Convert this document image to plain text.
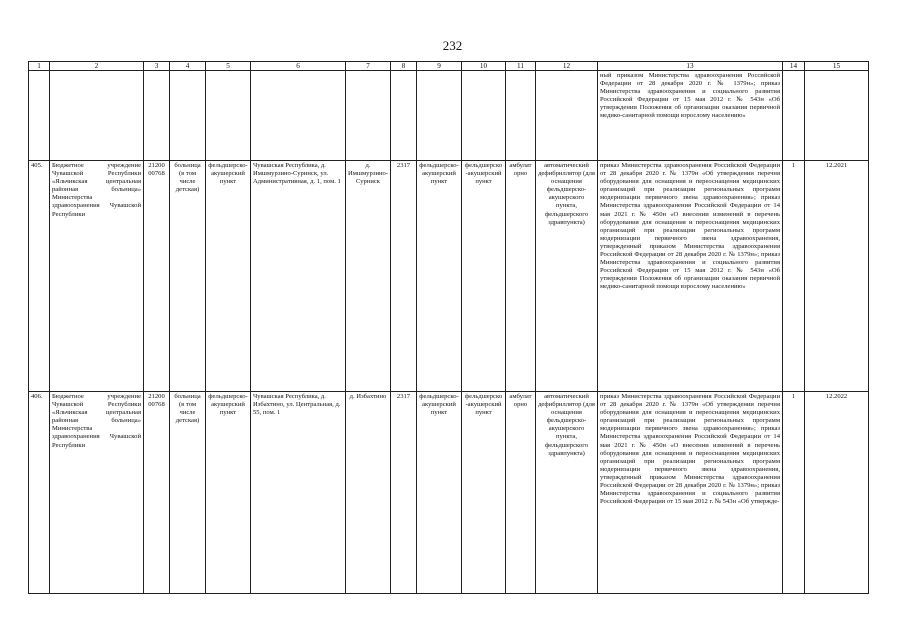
232
1	2	3	4	5	6	7	8	9	10	11	12	13	14	15
												ный приказом Министерства здравоохранения Российской Федерации от 28 декабря 2020 г. № 1379н»; приказ Министерства здравоохранения и социального развития Российской Федерации от 15 мая 2012 г. № 543н «Об утверждении Положения об организации оказания первичной медико-санитарной помощи взрослому населению»		
405.	Бюджетное учреждение Чувашской Республики «Яльчикская центральная районная больница» Министерства здравоохранения Чувашской Республики	21200 00768	больница (в том числе детская)	фельдшерско-акушерский пункт	Чувашская Республика, д. Имшмурзино-Суринск, ул. Административная, д. 1, пом. 1	д. Имшмурзино-Сурниск	2317	фельдшерско-акушерский пункт	фельдшерско-акушерский пункт	амбулаторно	автоматический дефибриллятор (для оснащения фельдшерско-акушерского пункта, фельдшерского здравпункта)	приказ Министерства здравоохранения Российской Федерации от 28 декабря 2020 г. № 1379н «Об утверждении перечня оборудования для оснащения и переоснащения медицинских организаций при реализации региональных программ модернизации первичного звена здравоохранения»; приказ Министерства здравоохранения Российской Федерации от 14 мая 2021 г. № 450н «О внесении изменений в перечень оборудования для оснащения и переоснащения медицинских организаций при реализации региональных программ модернизации первичного звена здравоохранения, утвержденный приказом Министерства здравоохранения Российской Федерации от 28 декабря 2020 г. № 1379н»; приказ Министерства здравоохранения и социального развития Российской Федерации от 15 мая 2012 г. № 543н «Об утверждении Положения об организации оказания первичной медико-санитарной помощи взрослому населению»	1	12.2021
406.	Бюджетное учреждение Чувашской Республики «Яльчикская центральная районная больница» Министерства здравоохранения Чувашской Республики	21200 00768	больница (в том числе детская)	фельдшерско-акушерский пункт	Чувашская Республика, д. Избахтино, ул. Центральная, д. 55, пом. 1	д. Избахтино	2317	фельдшерско-акушерский пункт	фельдшерско-акушерский пункт	амбулаторно	автоматический дефибриллятор (для оснащения фельдшерско-акушерского пункта, фельдшерского здравпункта)	приказ Министерства здравоохранения Российской Федерации от 28 декабря 2020 г. № 1379н «Об утверждении перечня оборудования для оснащения и переоснащения медицинских организаций при реализации региональных программ модернизации первичного звена здравоохранения»; приказ Министерства здравоохранения Российской Федерации от 14 мая 2021 г. № 450н «О внесении изменений в перечень оборудования для оснащения и переоснащения медицинских организаций при реализации региональных программ модернизации первичного звена здравоохранения, утвержденный приказом Министерства здравоохранения Российской Федерации от 28 декабря 2020 г. № 1379н»; приказ Министерства здравоохранения и социального развития Российской Федерации от 15 мая 2012 г. № 543н «Об утверждe-	1	12.2022
